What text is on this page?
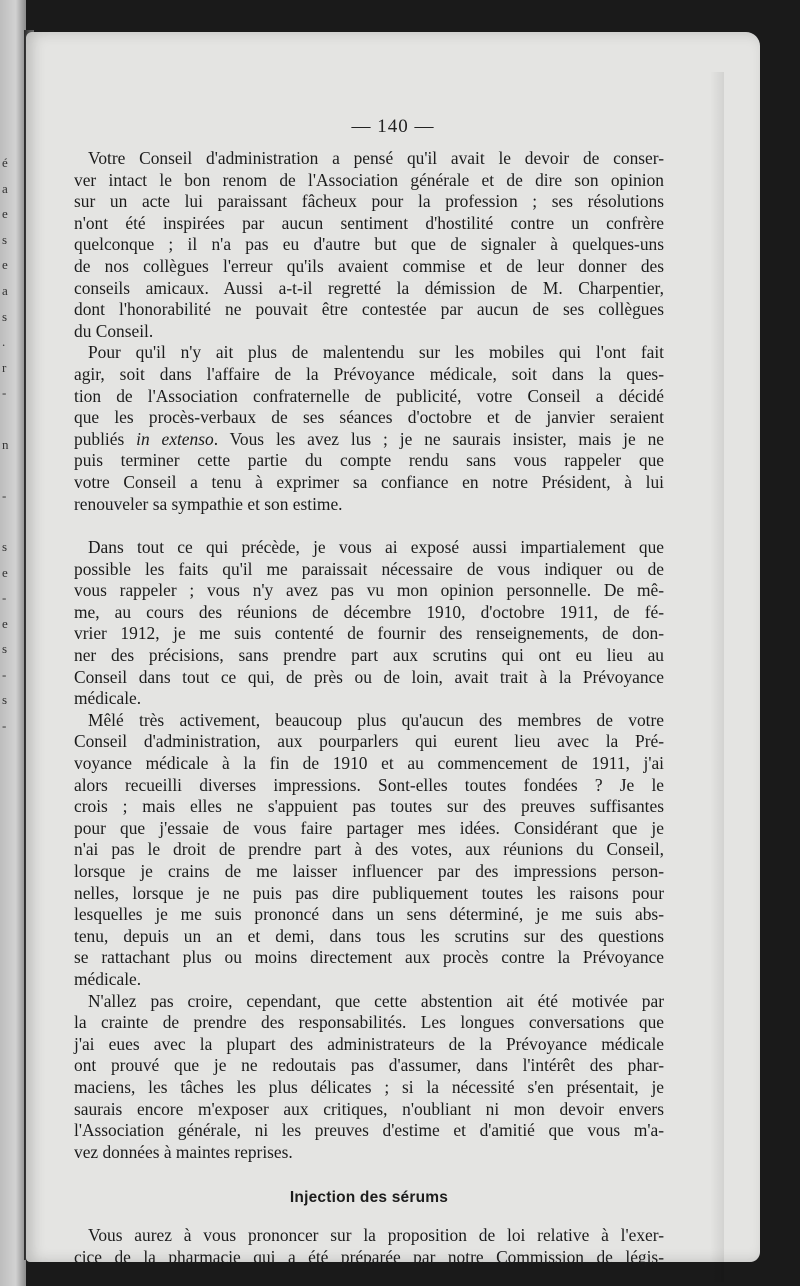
é
a
e
s
e
a
s
.
r
-
n
-
s
e
-
e
s
-
s
-
— 140 —
Votre Conseil d'administration a pensé qu'il avait le devoir de conser-
ver intact le bon renom de l'Association générale et de dire son opinion
sur un acte lui paraissant fâcheux pour la profession ; ses résolutions
n'ont été inspirées par aucun sentiment d'hostilité contre un confrère
quelconque ; il n'a pas eu d'autre but que de signaler à quelques-uns
de nos collègues l'erreur qu'ils avaient commise et de leur donner des
conseils amicaux. Aussi a-t-il regretté la démission de M. Charpentier,
dont l'honorabilité ne pouvait être contestée par aucun de ses collègues
du Conseil.
Pour qu'il n'y ait plus de malentendu sur les mobiles qui l'ont fait
agir, soit dans l'affaire de la Prévoyance médicale, soit dans la ques-
tion de l'Association confraternelle de publicité, votre Conseil a décidé
que les procès-verbaux de ses séances d'octobre et de janvier seraient
publiés in extenso. Vous les avez lus ; je ne saurais insister, mais je ne
puis terminer cette partie du compte rendu sans vous rappeler que
votre Conseil a tenu à exprimer sa confiance en notre Président, à lui
renouveler sa sympathie et son estime.
Dans tout ce qui précède, je vous ai exposé aussi impartialement que
possible les faits qu'il me paraissait nécessaire de vous indiquer ou de
vous rappeler ; vous n'y avez pas vu mon opinion personnelle. De mê-
me, au cours des réunions de décembre 1910, d'octobre 1911, de fé-
vrier 1912, je me suis contenté de fournir des renseignements, de don-
ner des précisions, sans prendre part aux scrutins qui ont eu lieu au
Conseil dans tout ce qui, de près ou de loin, avait trait à la Prévoyance
médicale.
Mêlé très activement, beaucoup plus qu'aucun des membres de votre
Conseil d'administration, aux pourparlers qui eurent lieu avec la Pré-
voyance médicale à la fin de 1910 et au commencement de 1911, j'ai
alors recueilli diverses impressions. Sont-elles toutes fondées ? Je le
crois ; mais elles ne s'appuient pas toutes sur des preuves suffisantes
pour que j'essaie de vous faire partager mes idées. Considérant que je
n'ai pas le droit de prendre part à des votes, aux réunions du Conseil,
lorsque je crains de me laisser influencer par des impressions person-
nelles, lorsque je ne puis pas dire publiquement toutes les raisons pour
lesquelles je me suis prononcé dans un sens déterminé, je me suis abs-
tenu, depuis un an et demi, dans tous les scrutins sur des questions
se rattachant plus ou moins directement aux procès contre la Prévoyance
médicale.
N'allez pas croire, cependant, que cette abstention ait été motivée par
la crainte de prendre des responsabilités. Les longues conversations que
j'ai eues avec la plupart des administrateurs de la Prévoyance médicale
ont prouvé que je ne redoutais pas d'assumer, dans l'intérêt des phar-
maciens, les tâches les plus délicates ; si la nécessité s'en présentait, je
saurais encore m'exposer aux critiques, n'oubliant ni mon devoir envers
l'Association générale, ni les preuves d'estime et d'amitié que vous m'a-
vez données à maintes reprises.
Injection des sérums
Vous aurez à vous prononcer sur la proposition de loi relative à l'exer-
cice de la pharmacie qui a été préparée par notre Commission de légis-
